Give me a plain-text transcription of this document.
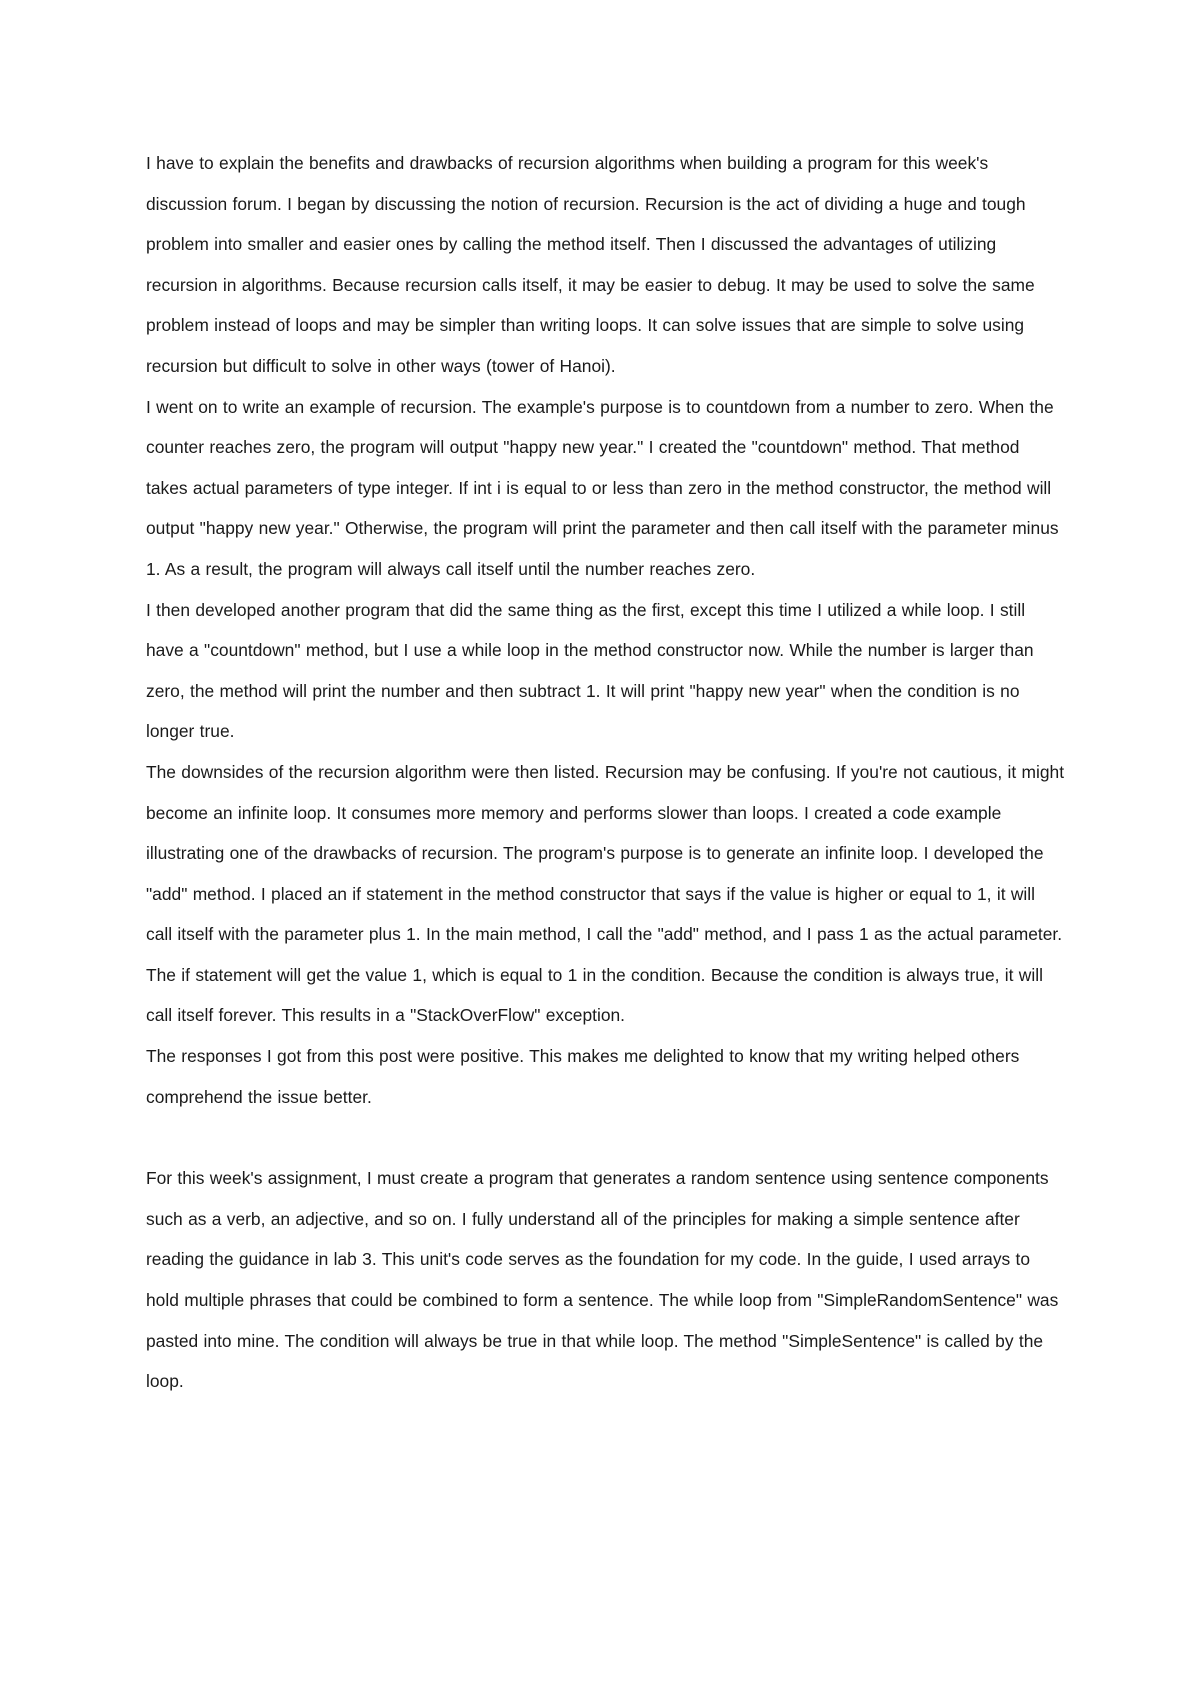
I have to explain the benefits and drawbacks of recursion algorithms when building a program for this week's discussion forum. I began by discussing the notion of recursion. Recursion is the act of dividing a huge and tough problem into smaller and easier ones by calling the method itself. Then I discussed the advantages of utilizing recursion in algorithms. Because recursion calls itself, it may be easier to debug. It may be used to solve the same problem instead of loops and may be simpler than writing loops. It can solve issues that are simple to solve using recursion but difficult to solve in other ways (tower of Hanoi).

I went on to write an example of recursion. The example's purpose is to countdown from a number to zero. When the counter reaches zero, the program will output "happy new year." I created the "countdown" method. That method takes actual parameters of type integer. If int i is equal to or less than zero in the method constructor, the method will output "happy new year." Otherwise, the program will print the parameter and then call itself with the parameter minus 1. As a result, the program will always call itself until the number reaches zero.

I then developed another program that did the same thing as the first, except this time I utilized a while loop. I still have a "countdown" method, but I use a while loop in the method constructor now. While the number is larger than zero, the method will print the number and then subtract 1. It will print "happy new year" when the condition is no longer true.

The downsides of the recursion algorithm were then listed. Recursion may be confusing. If you're not cautious, it might become an infinite loop. It consumes more memory and performs slower than loops. I created a code example illustrating one of the drawbacks of recursion. The program's purpose is to generate an infinite loop. I developed the "add" method. I placed an if statement in the method constructor that says if the value is higher or equal to 1, it will call itself with the parameter plus 1. In the main method, I call the "add" method, and I pass 1 as the actual parameter. The if statement will get the value 1, which is equal to 1 in the condition. Because the condition is always true, it will call itself forever. This results in a "StackOverFlow" exception.

The responses I got from this post were positive. This makes me delighted to know that my writing helped others comprehend the issue better.

For this week's assignment, I must create a program that generates a random sentence using sentence components such as a verb, an adjective, and so on. I fully understand all of the principles for making a simple sentence after reading the guidance in lab 3. This unit's code serves as the foundation for my code. In the guide, I used arrays to hold multiple phrases that could be combined to form a sentence. The while loop from "SimpleRandomSentence" was pasted into mine. The condition will always be true in that while loop. The method "SimpleSentence" is called by the loop.
